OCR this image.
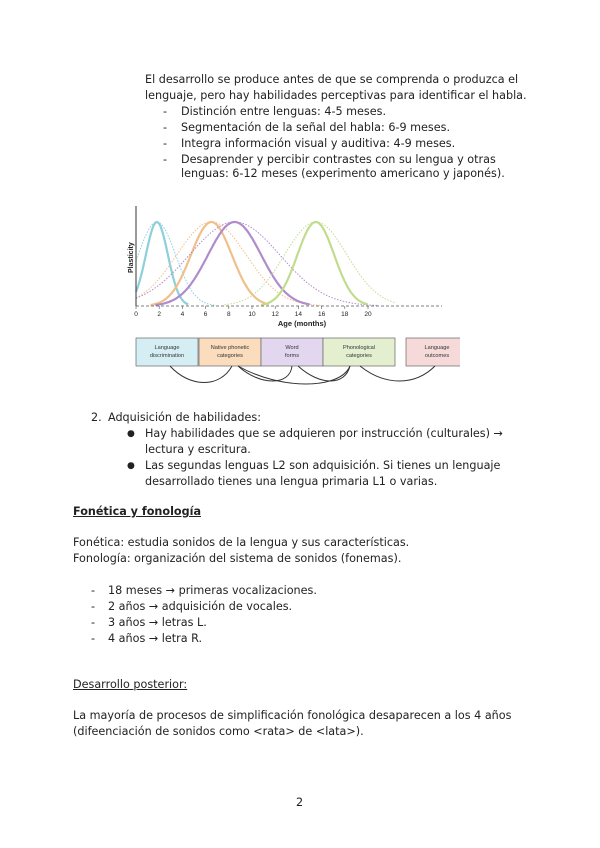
El desarrollo se produce antes de que se comprenda o produzca el
lenguaje, pero hay habilidades perceptivas para identificar el habla.
- Distinción entre lenguas: 4-5 meses.
- Segmentación de la señal del habla: 6-9 meses.
- Integra información visual y auditiva: 4-9 meses.
- Desaprender y percibir contrastes con su lengua y otras
lenguas: 6-12 meses (experimento americano y japonés).
0	2	4	6	8	10 12 14 16 18 20
Plasticity
Age (months)
Language
discrimination
Native phonetic
categories
Word
forms
Phonological
categories
Language
outcomes
2. Adquisición de habilidades:
● Hay habilidades que se adquieren por instrucción (culturales) →
lectura y escritura.
● Las segundas lenguas L2 son adquisición. Si tienes un lenguaje
desarrollado tienes una lengua primaria L1 o varias.
Fonética y fonología
Fonética: estudia sonidos de la lengua y sus características.
Fonología: organización del sistema de sonidos (fonemas).
- 18 meses → primeras vocalizaciones.
- 2 años → adquisición de vocales.
- 3 años → letras L.
- 4 años → letra R.
Desarrollo posterior:
La mayoría de procesos de simplificación fonológica desaparecen a los 4 años
(difeenciación de sonidos como <rata> de <lata>).
2
